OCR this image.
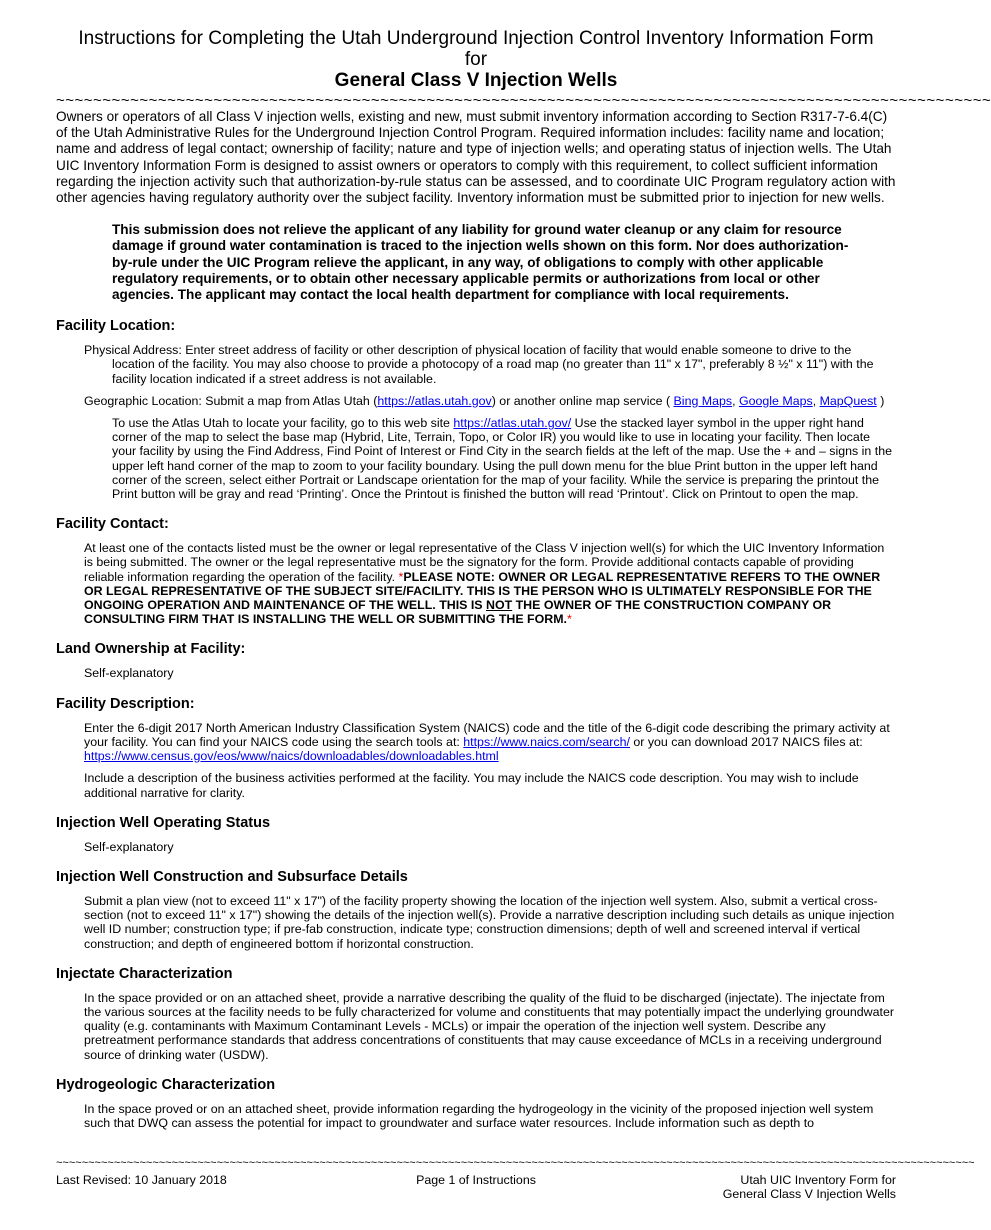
Instructions for Completing the Utah Underground Injection Control Inventory Information Form
for
General Class V Injection Wells
~~~~~~~~~~~~~~~~~~~~~~~~~~~~~~~~~~~~~~~~~~~~~~~~~~~~~~~~~~~~~~~~~~~~~~~~~~~~~~~~~~~~~~~~~~~~~~~~~~~~~
Owners or operators of all Class V injection wells, existing and new, must submit inventory information according to Section R317-7-6.4(C) of the Utah Administrative Rules for the Underground Injection Control Program. Required information includes: facility name and location; name and address of legal contact; ownership of facility; nature and type of injection wells; and operating status of injection wells. The Utah UIC Inventory Information Form is designed to assist owners or operators to comply with this requirement, to collect sufficient information regarding the injection activity such that authorization-by-rule status can be assessed, and to coordinate UIC Program regulatory action with other agencies having regulatory authority over the subject facility. Inventory information must be submitted prior to injection for new wells.
This submission does not relieve the applicant of any liability for ground water cleanup or any claim for resource damage if ground water contamination is traced to the injection wells shown on this form. Nor does authorization-by-rule under the UIC Program relieve the applicant, in any way, of obligations to comply with other applicable regulatory requirements, or to obtain other necessary applicable permits or authorizations from local or other agencies. The applicant may contact the local health department for compliance with local requirements.
Facility Location:
Physical Address: Enter street address of facility or other description of physical location of facility that would enable someone to drive to the location of the facility. You may also choose to provide a photocopy of a road map (no greater than 11" x 17", preferably 8 ½" x 11") with the facility location indicated if a street address is not available.
Geographic Location: Submit a map from Atlas Utah (https://atlas.utah.gov) or another online map service ( Bing Maps, Google Maps, MapQuest )
To use the Atlas Utah to locate your facility, go to this web site https://atlas.utah.gov/ Use the stacked layer symbol in the upper right hand corner of the map to select the base map (Hybrid, Lite, Terrain, Topo, or Color IR) you would like to use in locating your facility. Then locate your facility by using the Find Address, Find Point of Interest or Find City in the search fields at the left of the map. Use the + and – signs in the upper left hand corner of the map to zoom to your facility boundary. Using the pull down menu for the blue Print button in the upper left hand corner of the screen, select either Portrait or Landscape orientation for the map of your facility. While the service is preparing the printout the Print button will be gray and read ‘Printing’. Once the Printout is finished the button will read ‘Printout’. Click on Printout to open the map.
Facility Contact:
At least one of the contacts listed must be the owner or legal representative of the Class V injection well(s) for which the UIC Inventory Information is being submitted. The owner or the legal representative must be the signatory for the form. Provide additional contacts capable of providing reliable information regarding the operation of the facility. *PLEASE NOTE: OWNER OR LEGAL REPRESENTATIVE REFERS TO THE OWNER OR LEGAL REPRESENTATIVE OF THE SUBJECT SITE/FACILITY. THIS IS THE PERSON WHO IS ULTIMATELY RESPONSIBLE FOR THE ONGOING OPERATION AND MAINTENANCE OF THE WELL. THIS IS NOT THE OWNER OF THE CONSTRUCTION COMPANY OR CONSULTING FIRM THAT IS INSTALLING THE WELL OR SUBMITTING THE FORM.*
Land Ownership at Facility:
Self-explanatory
Facility Description:
Enter the 6-digit 2017 North American Industry Classification System (NAICS) code and the title of the 6-digit code describing the primary activity at your facility. You can find your NAICS code using the search tools at: https://www.naics.com/search/ or you can download 2017 NAICS files at: https://www.census.gov/eos/www/naics/downloadables/downloadables.html
Include a description of the business activities performed at the facility. You may include the NAICS code description. You may wish to include additional narrative for clarity.
Injection Well Operating Status
Self-explanatory
Injection Well Construction and Subsurface Details
Submit a plan view (not to exceed 11" x 17") of the facility property showing the location of the injection well system. Also, submit a vertical cross-section (not to exceed 11" x 17") showing the details of the injection well(s). Provide a narrative description including such details as unique injection well ID number; construction type; if pre-fab construction, indicate type; construction dimensions; depth of well and screened interval if vertical construction; and depth of engineered bottom if horizontal construction.
Injectate Characterization
In the space provided or on an attached sheet, provide a narrative describing the quality of the fluid to be discharged (injectate). The injectate from the various sources at the facility needs to be fully characterized for volume and constituents that may potentially impact the underlying groundwater quality (e.g. contaminants with Maximum Contaminant Levels - MCLs) or impair the operation of the injection well system. Describe any pretreatment performance standards that address concentrations of constituents that may cause exceedance of MCLs in a receiving underground source of drinking water (USDW).
Hydrogeologic Characterization
In the space proved or on an attached sheet, provide information regarding the hydrogeology in the vicinity of the proposed injection well system such that DWQ can assess the potential for impact to groundwater and surface water resources. Include information such as depth to
~~~~~~~~~~~~~~~~~~~~~~~~~~~~~~~~~~~~~~~~~~~~~~~~~~~~~~~~~~~~~~~~~~~~~~~~~~~~~~~~~~~~~~~~~~~~~~~~~~~~~~~~~~~~~~~~~~~~~~~~~~~~~~~~~~~~~~~~~~~~~~~
Last Revised: 10 January 2018	Page 1 of Instructions	Utah UIC Inventory Form for
General Class V Injection Wells
